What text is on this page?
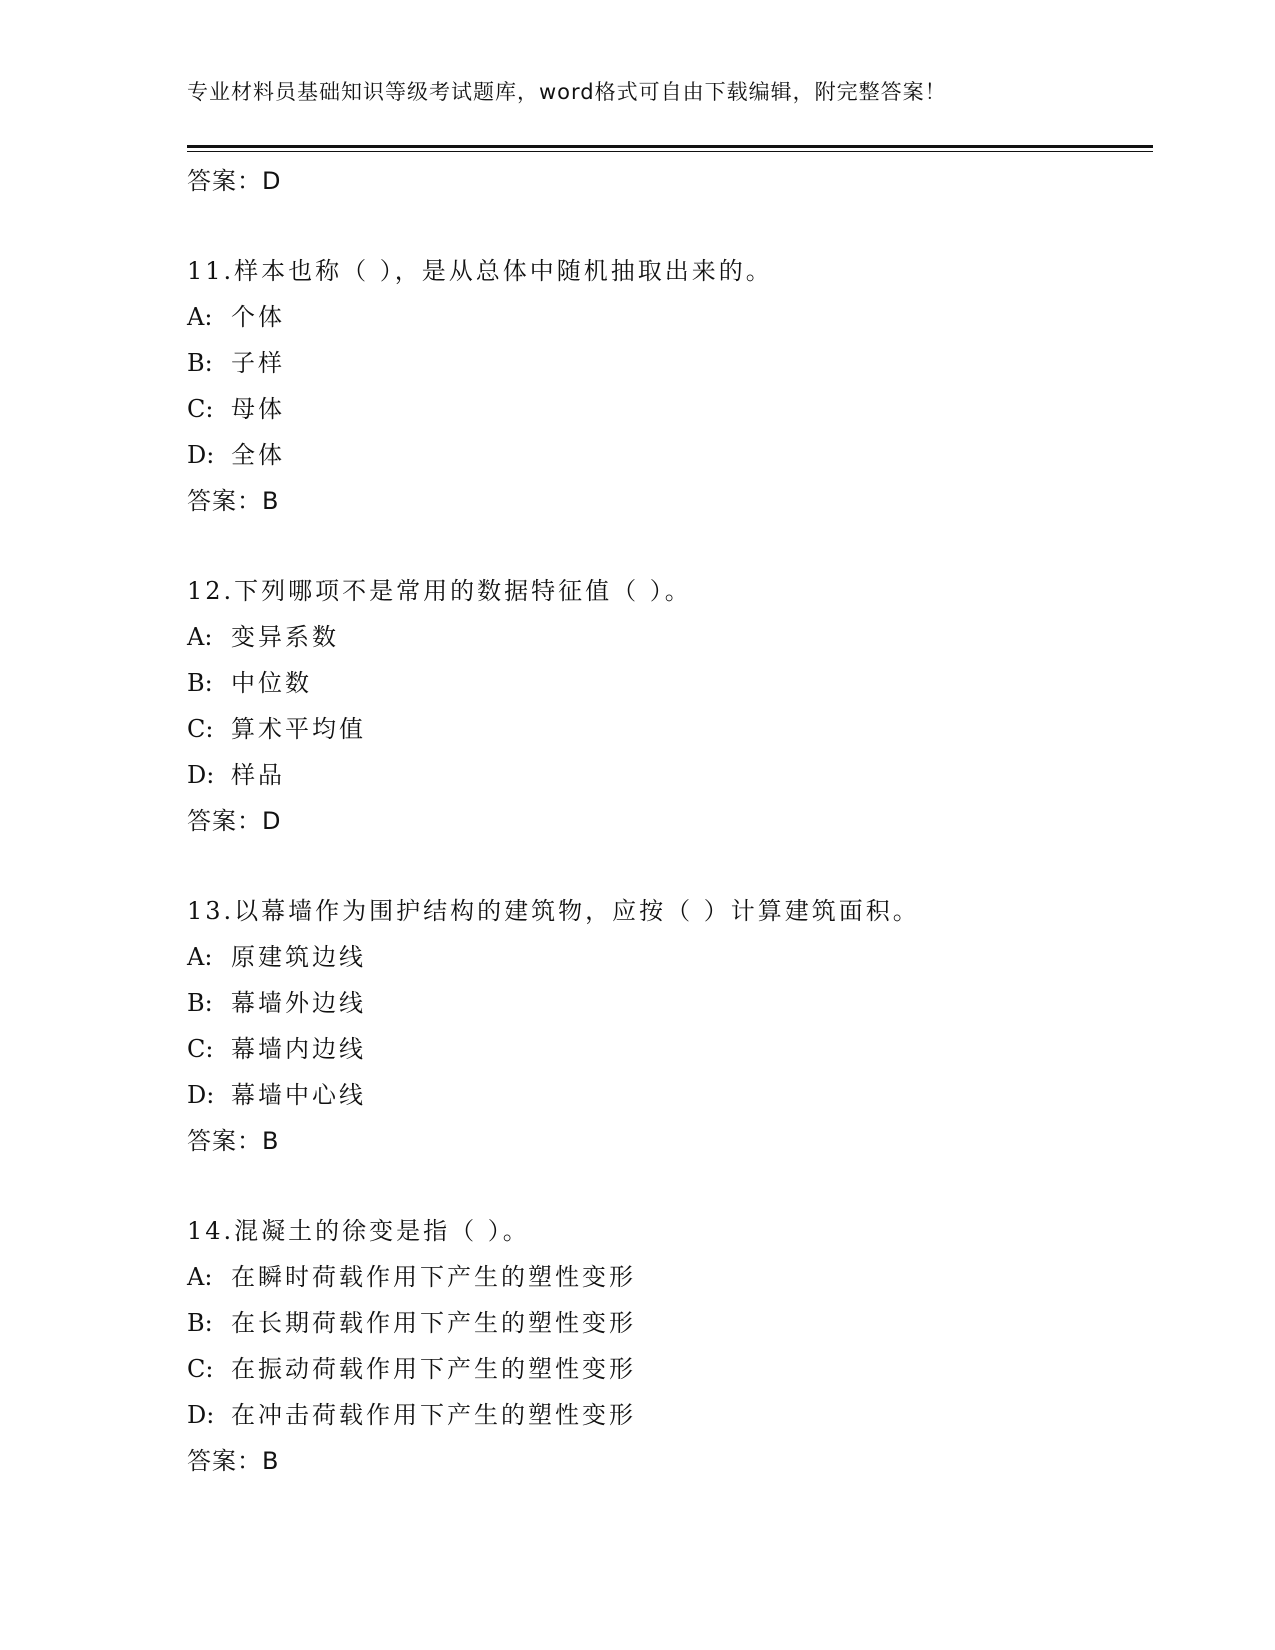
专业材料员基础知识等级考试题库，word格式可自由下载编辑，附完整答案！
答案：D
11.样本也称（ ），是从总体中随机抽取出来的。
A: 个体
B: 子样
C: 母体
D: 全体
答案：B
12.下列哪项不是常用的数据特征值（ ）。
A: 变异系数
B: 中位数
C: 算术平均值
D: 样品
答案：D
13.以幕墙作为围护结构的建筑物，应按（ ）计算建筑面积。
A: 原建筑边线
B: 幕墙外边线
C: 幕墙内边线
D: 幕墙中心线
答案：B
14.混凝土的徐变是指（ ）。
A: 在瞬时荷载作用下产生的塑性变形
B: 在长期荷载作用下产生的塑性变形
C: 在振动荷载作用下产生的塑性变形
D: 在冲击荷载作用下产生的塑性变形
答案：B
